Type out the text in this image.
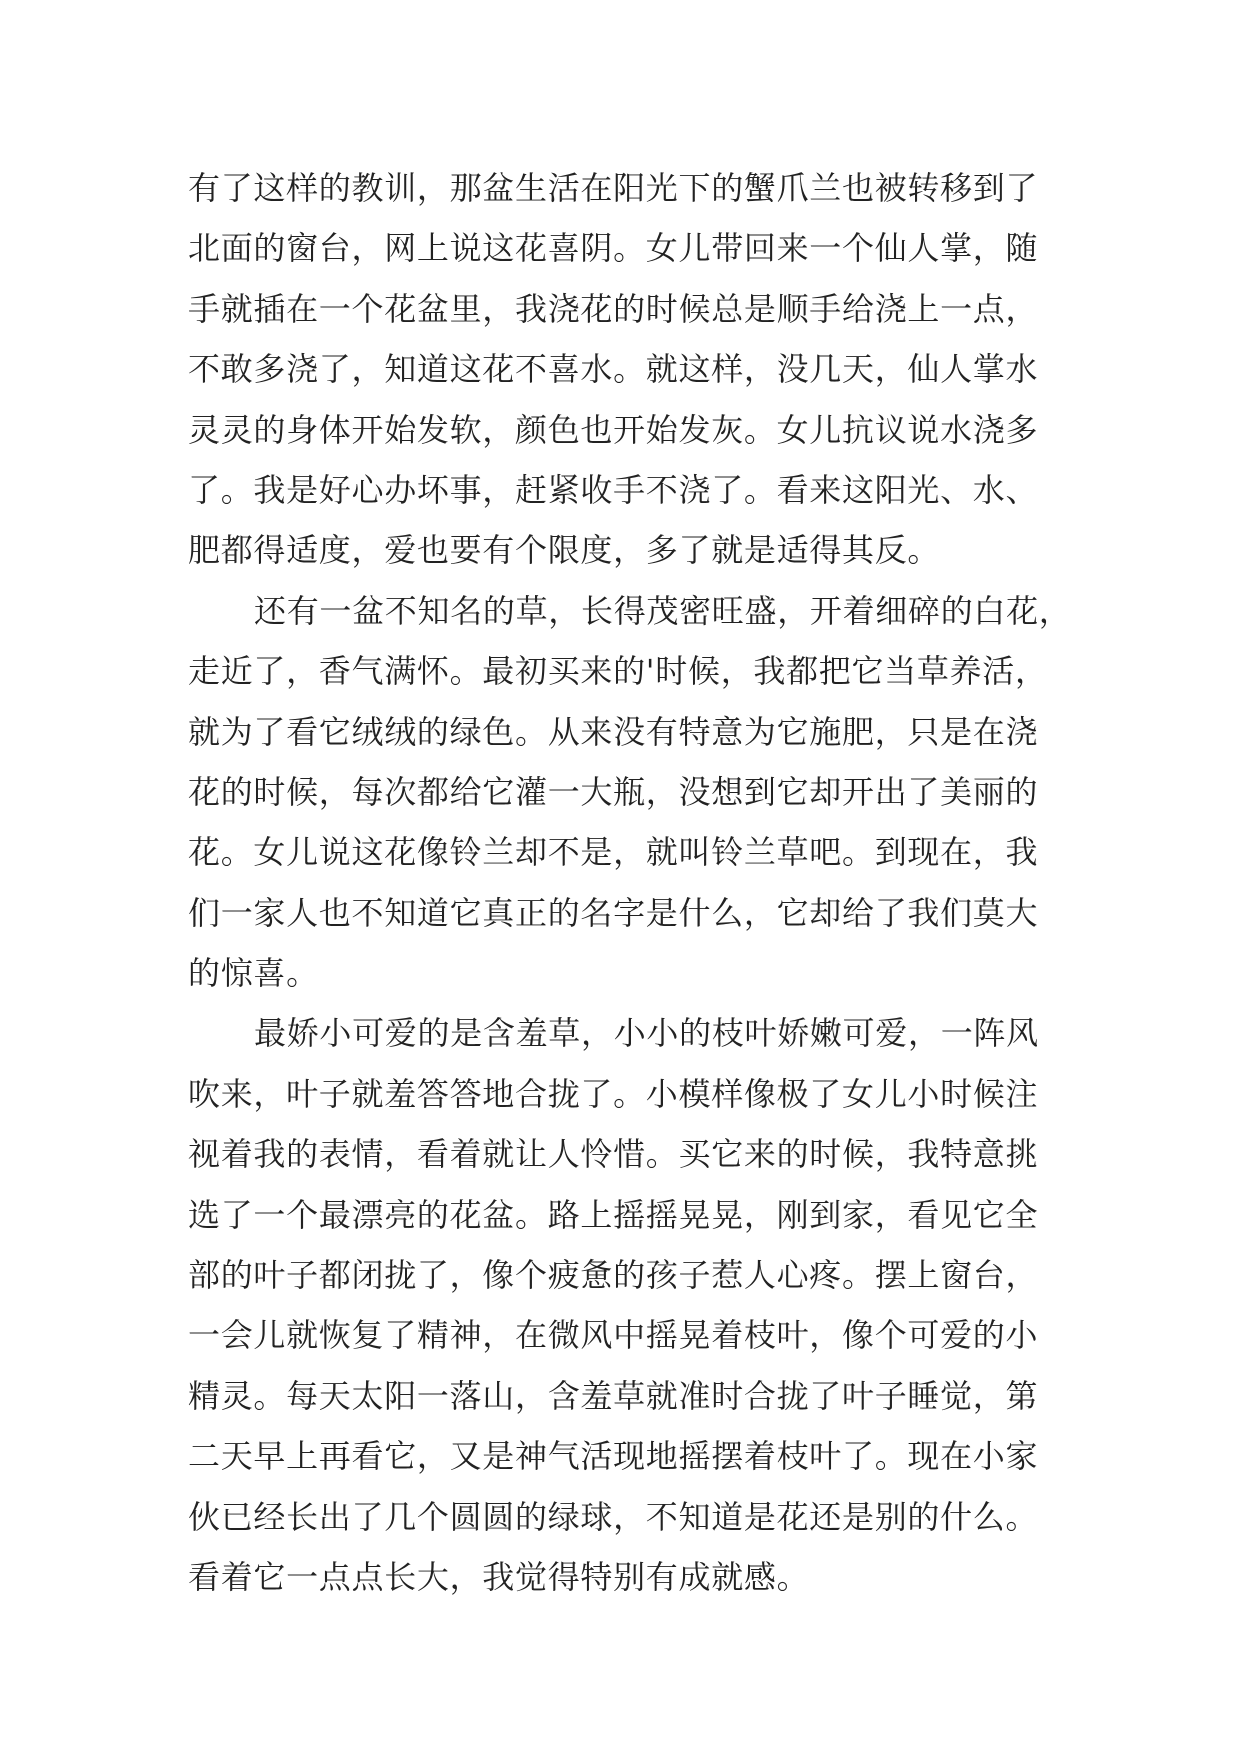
有了这样的教训，那盆生活在阳光下的蟹爪兰也被转移到了
北面的窗台，网上说这花喜阴。女儿带回来一个仙人掌，随
手就插在一个花盆里，我浇花的时候总是顺手给浇上一点，
不敢多浇了，知道这花不喜水。就这样，没几天，仙人掌水
灵灵的身体开始发软，颜色也开始发灰。女儿抗议说水浇多
了。我是好心办坏事，赶紧收手不浇了。看来这阳光、水、
肥都得适度，爱也要有个限度，多了就是适得其反。
还有一盆不知名的草，长得茂密旺盛，开着细碎的白花，
走近了，香气满怀。最初买来的'时候，我都把它当草养活，
就为了看它绒绒的绿色。从来没有特意为它施肥，只是在浇
花的时候，每次都给它灌一大瓶，没想到它却开出了美丽的
花。女儿说这花像铃兰却不是，就叫铃兰草吧。到现在，我
们一家人也不知道它真正的名字是什么，它却给了我们莫大
的惊喜。
最娇小可爱的是含羞草，小小的枝叶娇嫩可爱，一阵风
吹来，叶子就羞答答地合拢了。小模样像极了女儿小时候注
视着我的表情，看着就让人怜惜。买它来的时候，我特意挑
选了一个最漂亮的花盆。路上摇摇晃晃，刚到家，看见它全
部的叶子都闭拢了，像个疲惫的孩子惹人心疼。摆上窗台，
一会儿就恢复了精神，在微风中摇晃着枝叶，像个可爱的小
精灵。每天太阳一落山，含羞草就准时合拢了叶子睡觉，第
二天早上再看它，又是神气活现地摇摆着枝叶了。现在小家
伙已经长出了几个圆圆的绿球，不知道是花还是别的什么。
看着它一点点长大，我觉得特别有成就感。
